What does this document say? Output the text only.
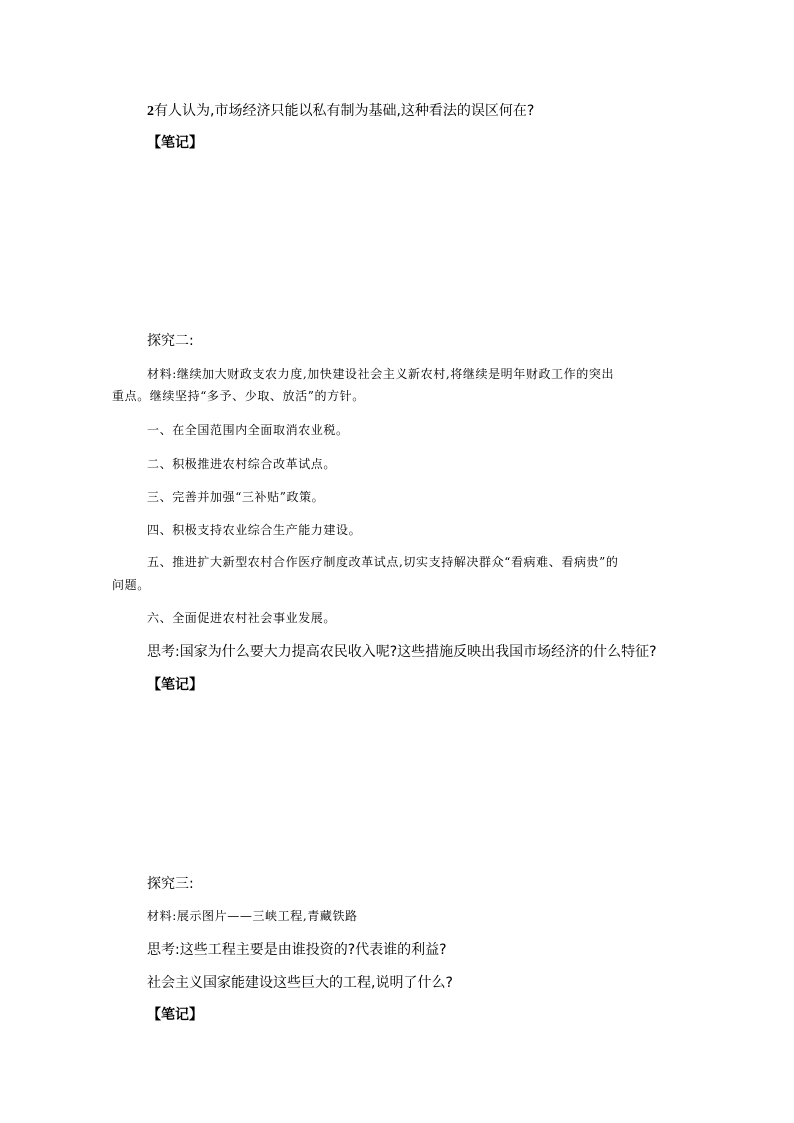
2有人认为,市场经济只能以私有制为基础,这种看法的误区何在?
【笔记】
探究二:
材料:继续加大财政支农力度,加快建设社会主义新农村,将继续是明年财政工作的突出
重点。继续坚持“多予、少取、放活”的方针。
一、在全国范围内全面取消农业税。
二、积极推进农村综合改革试点。
三、完善并加强“三补贴”政策。
四、积极支持农业综合生产能力建设。
五、推进扩大新型农村合作医疗制度改革试点,切实支持解决群众“看病难、看病贵”的
问题。
六、全面促进农村社会事业发展。
思考:国家为什么要大力提高农民收入呢?这些措施反映出我国市场经济的什么特征?
【笔记】
探究三:
材料:展示图片——三峡工程,青藏铁路
思考:这些工程主要是由谁投资的?代表谁的利益?
社会主义国家能建设这些巨大的工程,说明了什么?
【笔记】
